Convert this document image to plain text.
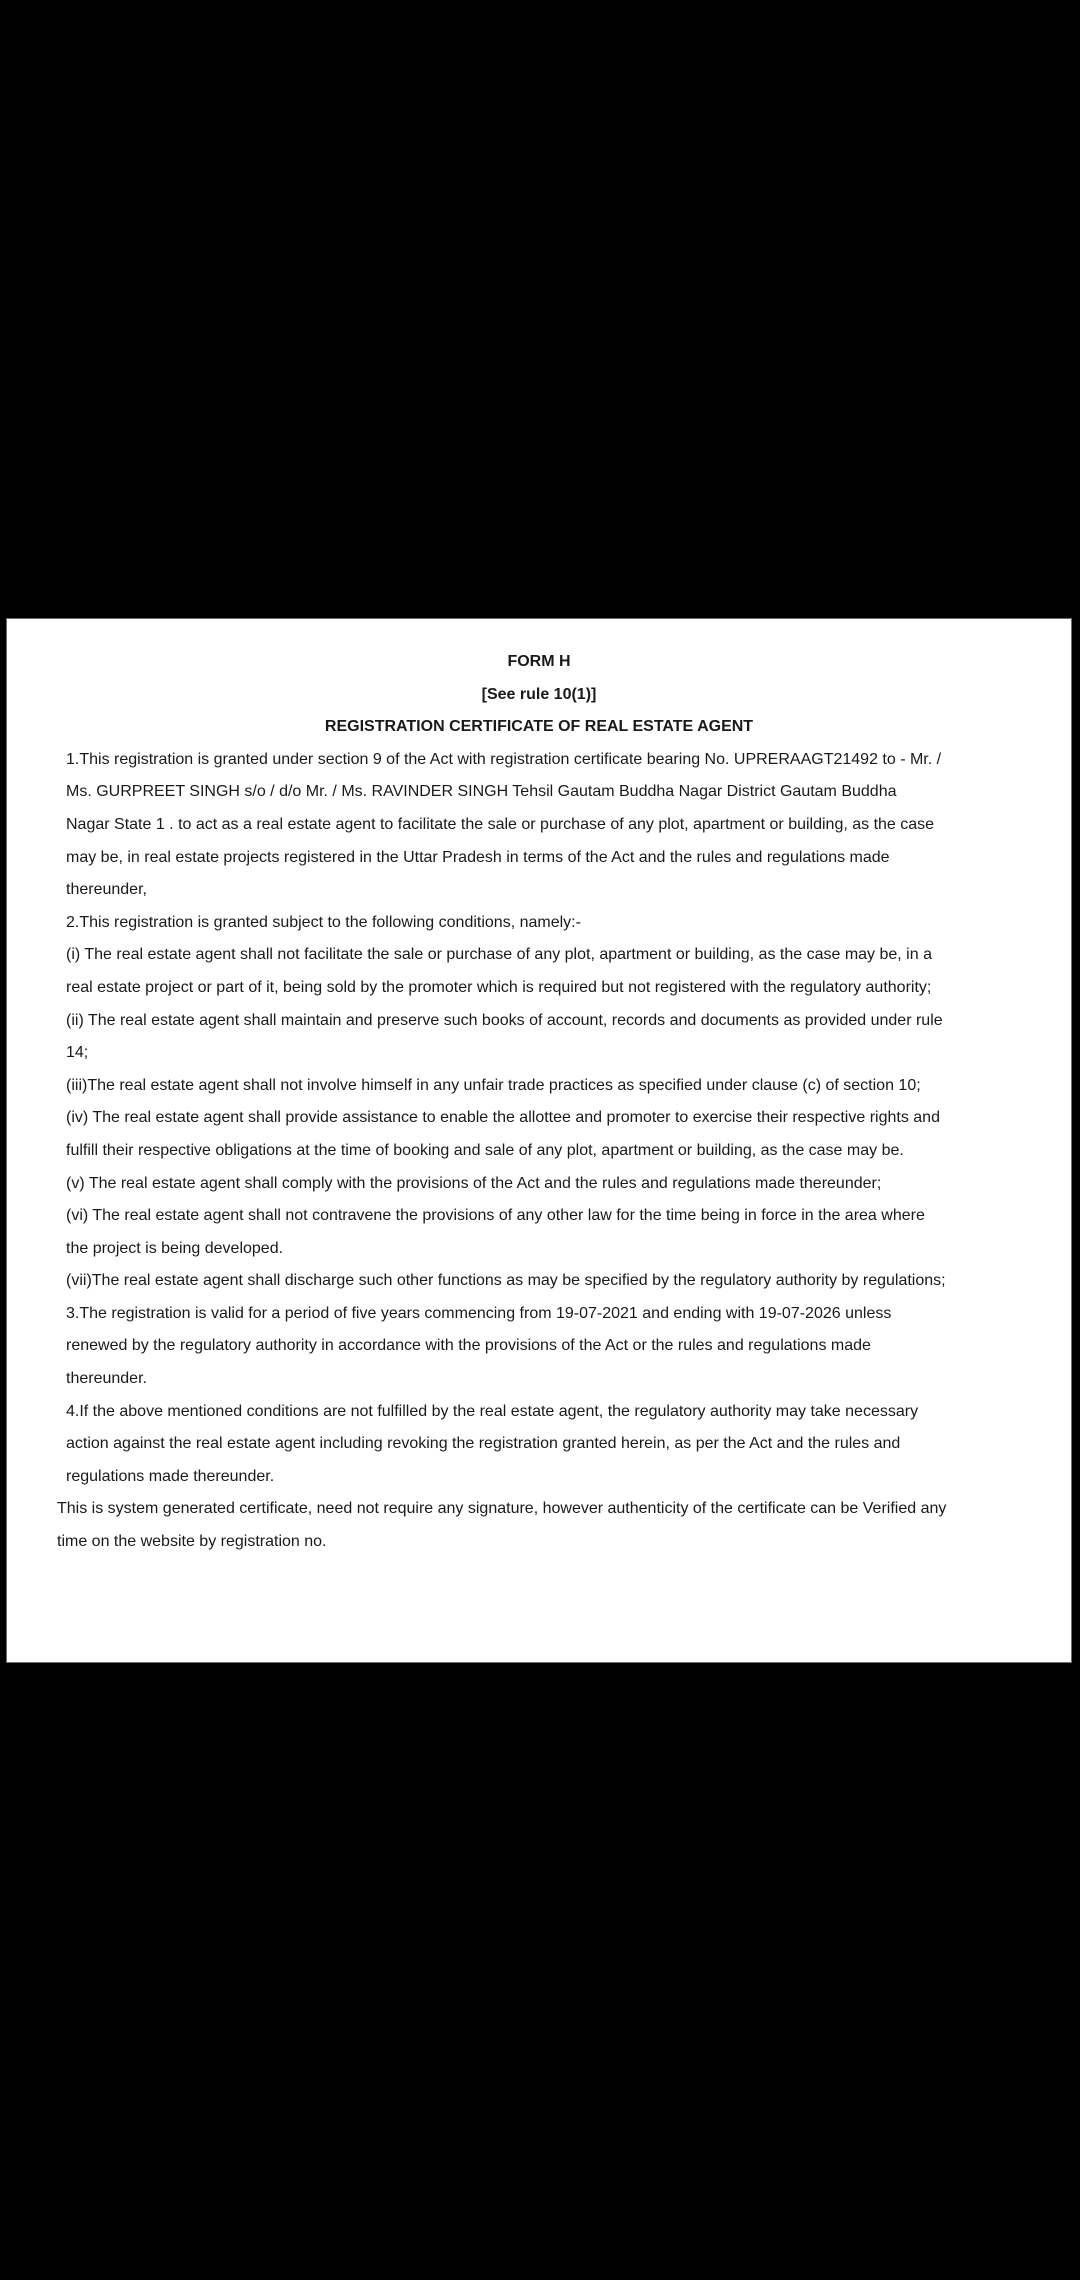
FORM H
[See rule 10(1)]
REGISTRATION CERTIFICATE OF REAL ESTATE AGENT
1.This registration is granted under section 9 of the Act with registration certificate bearing No. UPRERAAGT21492 to - Mr. /
Ms. GURPREET SINGH s/o / d/o Mr. / Ms. RAVINDER SINGH Tehsil Gautam Buddha Nagar District Gautam Buddha
Nagar State 1 . to act as a real estate agent to facilitate the sale or purchase of any plot, apartment or building, as the case
may be, in real estate projects registered in the Uttar Pradesh in terms of the Act and the rules and regulations made
thereunder,
2.This registration is granted subject to the following conditions, namely:-
(i) The real estate agent shall not facilitate the sale or purchase of any plot, apartment or building, as the case may be, in a
real estate project or part of it, being sold by the promoter which is required but not registered with the regulatory authority;
(ii) The real estate agent shall maintain and preserve such books of account, records and documents as provided under rule
14;
(iii)The real estate agent shall not involve himself in any unfair trade practices as specified under clause (c) of section 10;
(iv) The real estate agent shall provide assistance to enable the allottee and promoter to exercise their respective rights and
fulfill their respective obligations at the time of booking and sale of any plot, apartment or building, as the case may be.
(v) The real estate agent shall comply with the provisions of the Act and the rules and regulations made thereunder;
(vi) The real estate agent shall not contravene the provisions of any other law for the time being in force in the area where
the project is being developed.
(vii)The real estate agent shall discharge such other functions as may be specified by the regulatory authority by regulations;
3.The registration is valid for a period of five years commencing from 19-07-2021 and ending with 19-07-2026 unless
renewed by the regulatory authority in accordance with the provisions of the Act or the rules and regulations made
thereunder.
4.If the above mentioned conditions are not fulfilled by the real estate agent, the regulatory authority may take necessary
action against the real estate agent including revoking the registration granted herein, as per the Act and the rules and
regulations made thereunder.
This is system generated certificate, need not require any signature, however authenticity of the certificate can be Verified any
time on the website by registration no.
